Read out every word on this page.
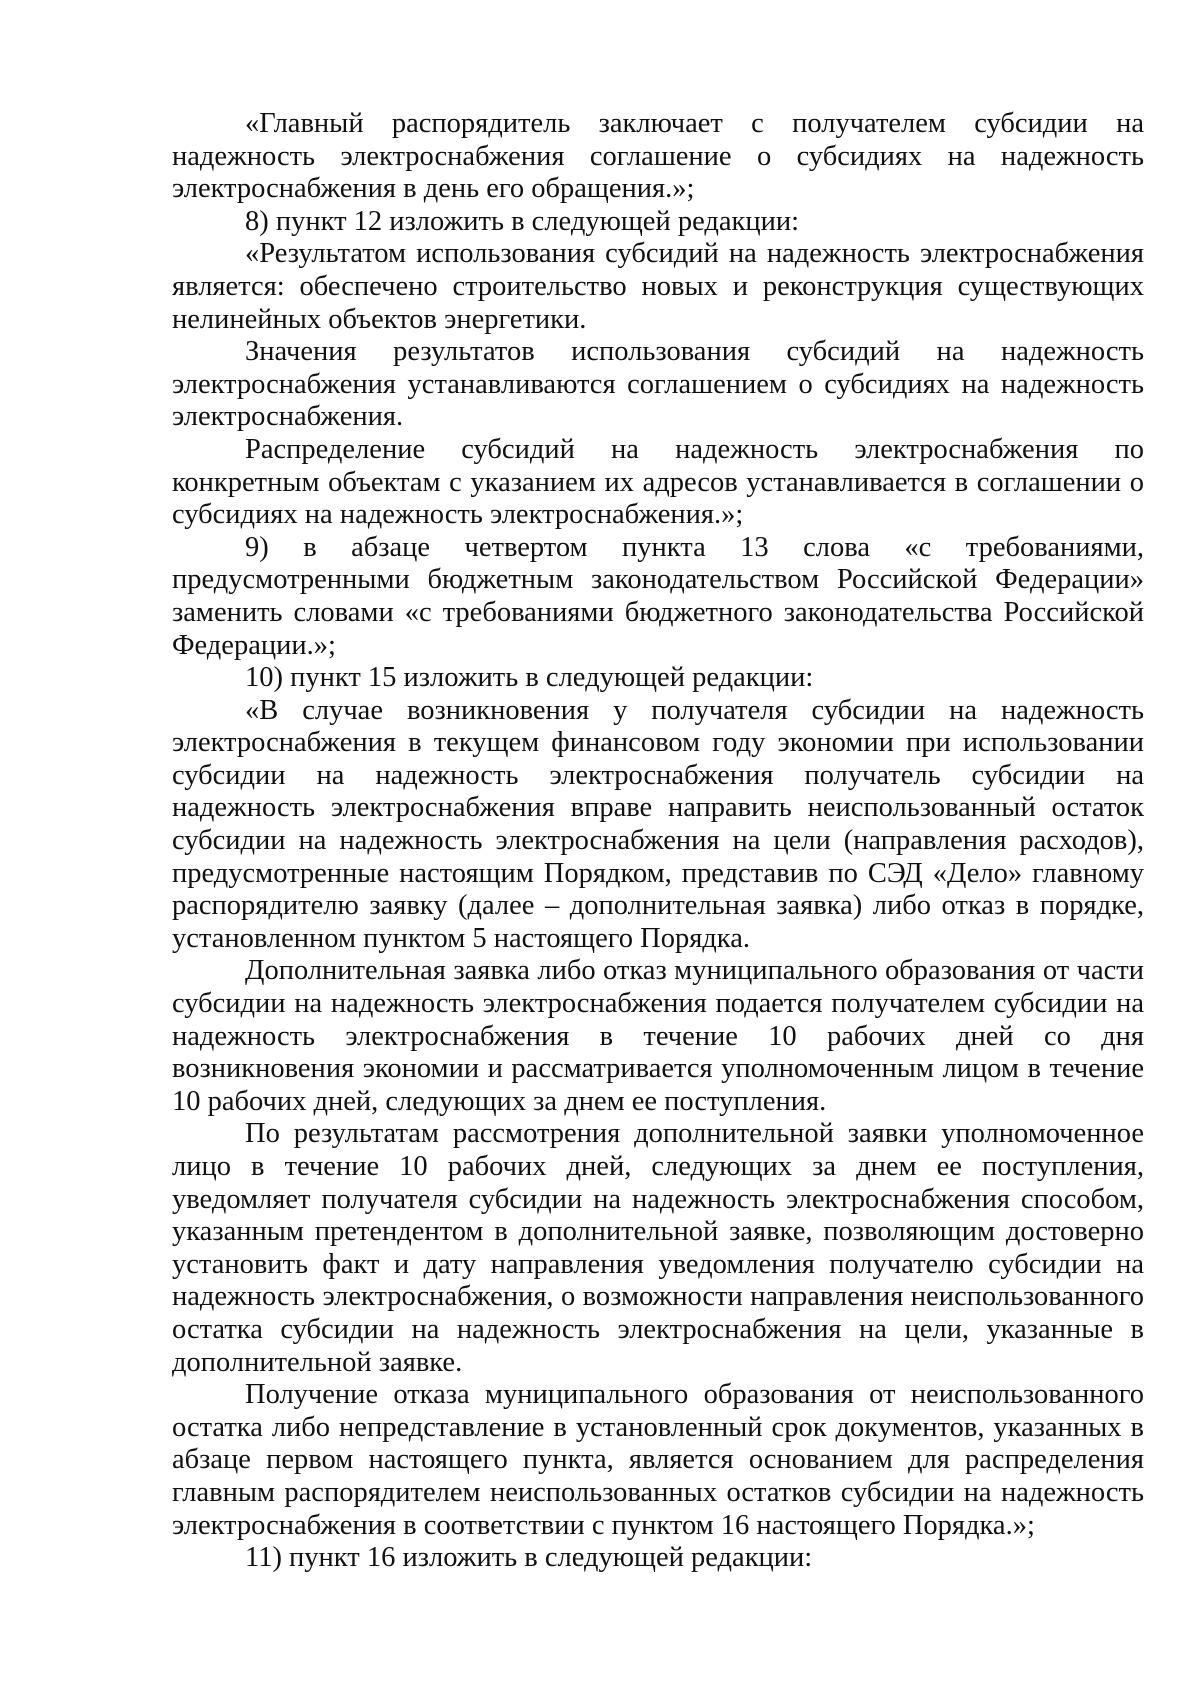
«Главный распорядитель заключает с получателем субсидии на надежность электроснабжения соглашение о субсидиях на надежность электроснабжения в день его обращения.»;

8) пункт 12 изложить в следующей редакции:

«Результатом использования субсидий на надежность электроснабжения является: обеспечено строительство новых и реконструкция существующих нелинейных объектов энергетики.

Значения результатов использования субсидий на надежность электроснабжения устанавливаются соглашением о субсидиях на надежность электроснабжения.

Распределение субсидий на надежность электроснабжения по конкретным объектам с указанием их адресов устанавливается в соглашении о субсидиях на надежность электроснабжения.»;

9) в абзаце четвертом пункта 13 слова «с требованиями, предусмотренными бюджетным законодательством Российской Федерации» заменить словами «с требованиями бюджетного законодательства Российской Федерации.»;

10) пункт 15 изложить в следующей редакции:

«В случае возникновения у получателя субсидии на надежность электроснабжения в текущем финансовом году экономии при использовании субсидии на надежность электроснабжения получатель субсидии на надежность электроснабжения вправе направить неиспользованный остаток субсидии на надежность электроснабжения на цели (направления расходов), предусмотренные настоящим Порядком, представив по СЭД «Дело» главному распорядителю заявку (далее – дополнительная заявка) либо отказ в порядке, установленном пунктом 5 настоящего Порядка.

Дополнительная заявка либо отказ муниципального образования от части субсидии на надежность электроснабжения подается получателем субсидии на надежность электроснабжения в течение 10 рабочих дней со дня возникновения экономии и рассматривается уполномоченным лицом в течение 10 рабочих дней, следующих за днем ее поступления.

По результатам рассмотрения дополнительной заявки уполномоченное лицо в течение 10 рабочих дней, следующих за днем ее поступления, уведомляет получателя субсидии на надежность электроснабжения способом, указанным претендентом в дополнительной заявке, позволяющим достоверно установить факт и дату направления уведомления получателю субсидии на надежность электроснабжения, о возможности направления неиспользованного остатка субсидии на надежность электроснабжения на цели, указанные в дополнительной заявке.

Получение отказа муниципального образования от неиспользованного остатка либо непредставление в установленный срок документов, указанных в абзаце первом настоящего пункта, является основанием для распределения главным распорядителем неиспользованных остатков субсидии на надежность электроснабжения в соответствии с пунктом 16 настоящего Порядка.»;

11) пункт 16 изложить в следующей редакции:
